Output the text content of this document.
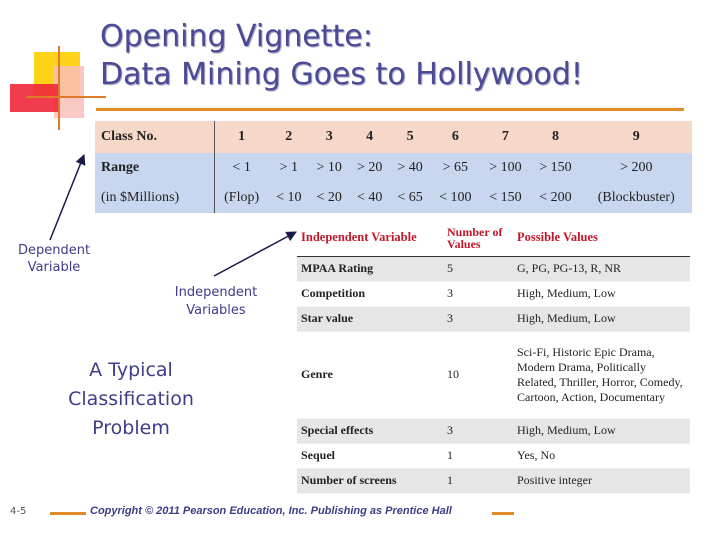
Opening Vignette:
Data Mining Goes to Hollywood!
Class No.	1	2	3	4	5	6	7	8	9
Range	< 1	> 1	> 10	> 20	> 40	> 65	> 100	> 150	> 200
(in $Millions)	(Flop)	< 10	< 20	< 40	< 65	< 100	< 150	< 200	(Blockbuster)
Independent Variable	Number of Values	Possible Values
MPAA Rating	5	G, PG, PG-13, R, NR
Competition	3	High, Medium, Low
Star value	3	High, Medium, Low
Genre	10	Sci-Fi, Historic Epic Drama, Modern Drama, Politically Related, Thriller, Horror, Comedy, Cartoon, Action, Documentary
Special effects	3	High, Medium, Low
Sequel	1	Yes, No
Number of screens	1	Positive integer
Dependent Variable
Independent Variables
A Typical Classification Problem
4-5	Copyright © 2011 Pearson Education, Inc. Publishing as Prentice Hall
